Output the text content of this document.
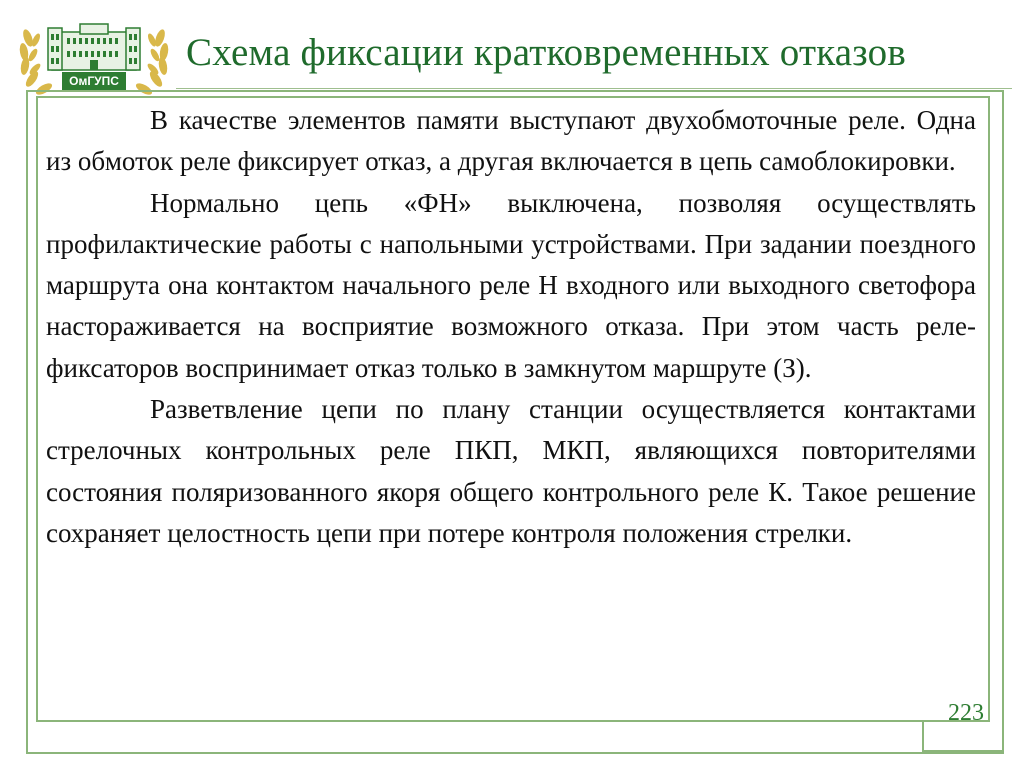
ОмГУПС
Схема фиксации кратковременных отказов

В качестве элементов памяти выступают двухобмоточные реле. Одна из обмоток реле фиксирует отказ, а другая включается в цепь самоблокировки.

Нормально цепь «ФН» выключена, позволяя осуществлять профилактические работы с напольными устройствами. При задании поездного маршрута она контактом начального реле Н входного или выходного светофора настораживается на восприятие возможного отказа. При этом часть реле-фиксаторов воспринимает отказ только в замкнутом маршруте (З).

Разветвление цепи по плану станции осуществляется контактами стрелочных контрольных реле ПКП, МКП, являющихся повторителями состояния поляризованного якоря общего контрольного реле К. Такое решение сохраняет целостность цепи при потере контроля положения стрелки.

223
